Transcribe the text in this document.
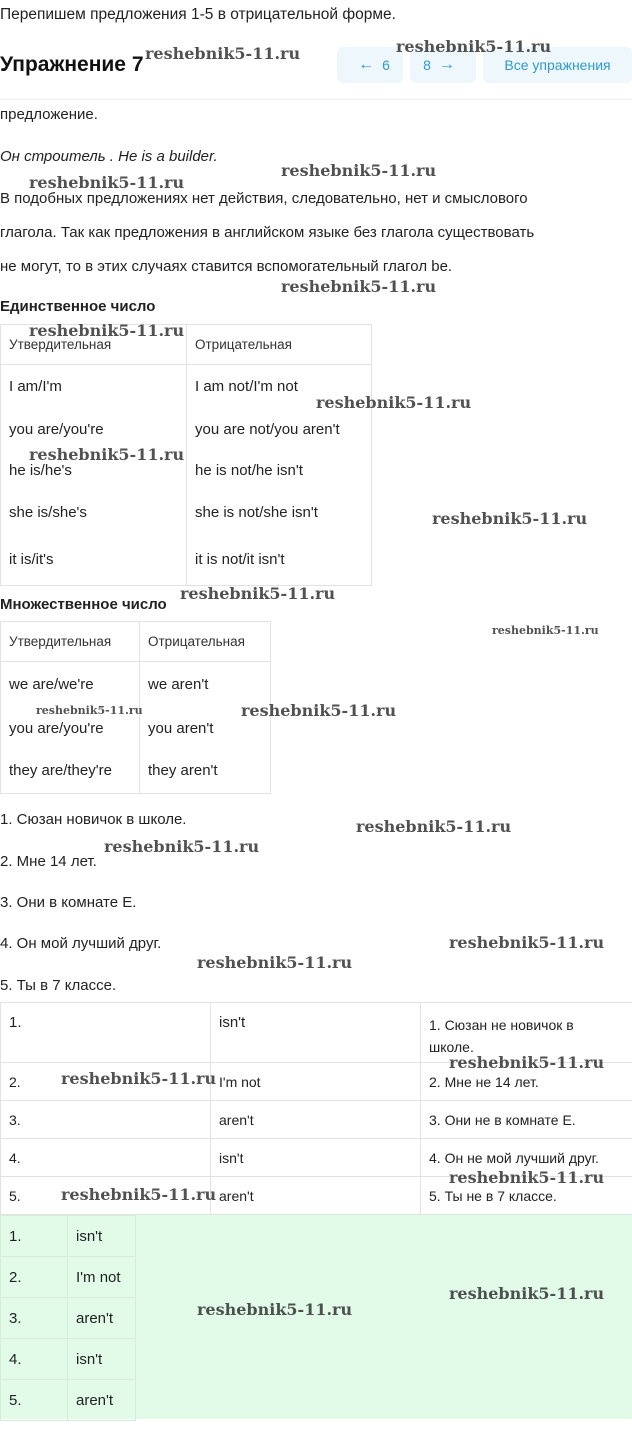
Перепишем предложения 1-5 в отрицательной форме.
Упражнение 7	← 6 8 →	Все упражнения
предложение.
Он строитель . He is a builder.
В подобных предложениях нет действия, следовательно, нет и смыслового
глагола. Так как предложения в английском языке без глагола существовать
не могут, то в этих случаях ставится вспомогательный глагол be.
Единственное число
Утвердительная	Отрицательная
I am/I'm	I am not/I'm not
you are/you're	you are not/you aren't
he is/he's	he is not/he isn't
she is/she's	she is not/she isn't
it is/it's	it is not/it isn't
Множественное число
Утвердительная	Отрицательная
we are/we're	we aren't
you are/you're	you aren't
they are/they're	they aren't
1. Сюзан новичок в школе.
2. Мне 14 лет.
3. Они в комнате E.
4. Он мой лучший друг.
5. Ты в 7 классе.
1.	isn't	1. Сюзан не новичок в
школе.
2.	I'm not	2. Мне не 14 лет.
3.	aren't	3. Они не в комнате E.
4.	isn't	4. Он не мой лучший друг.
5.	aren't	5. Ты не в 7 классе.
1.	isn't
2.	I'm not
3.	aren't
4.	isn't
5.	aren't
reshebnik5-11.ru	reshebnik5-11.ru
reshebnik5-11.ru
reshebnik5-11.ru
reshebnik5-11.ru
reshebnik5-11.ru
reshebnik5-11.ru
reshebnik5-11.ru
reshebnik5-11.ru
reshebnik5-11.ru
reshebnik5-11.ru
reshebnik5-11.ru	reshebnik5-11.ru
reshebnik5-11.ru
reshebnik5-11.ru
reshebnik5-11.ru
reshebnik5-11.ru
reshebnik5-11.ru
reshebnik5-11.ru
reshebnik5-11.ru
reshebnik5-11.ru
reshebnik5-11.ru
reshebnik5-11.ru
